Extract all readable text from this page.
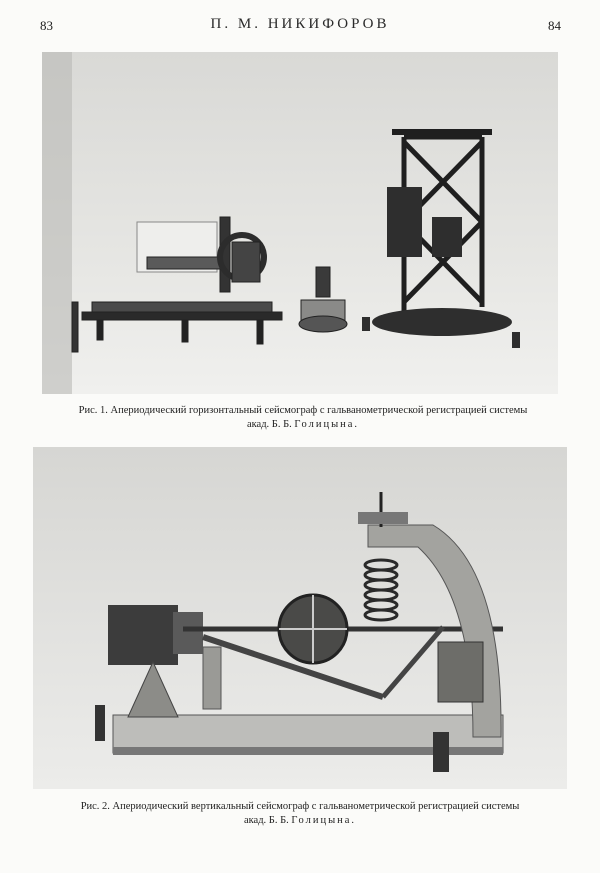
83	П. М. НИКИФОРОВ	84
Рис. 1. Апериодический горизонтальный сейсмограф с гальванометрической регистрацией системы
акад. Б. Б. Голицына.
Рис. 2. Апериодический вертикальный сейсмограф с гальванометрической регистрацией системы
акад. Б. Б. Голицына.
